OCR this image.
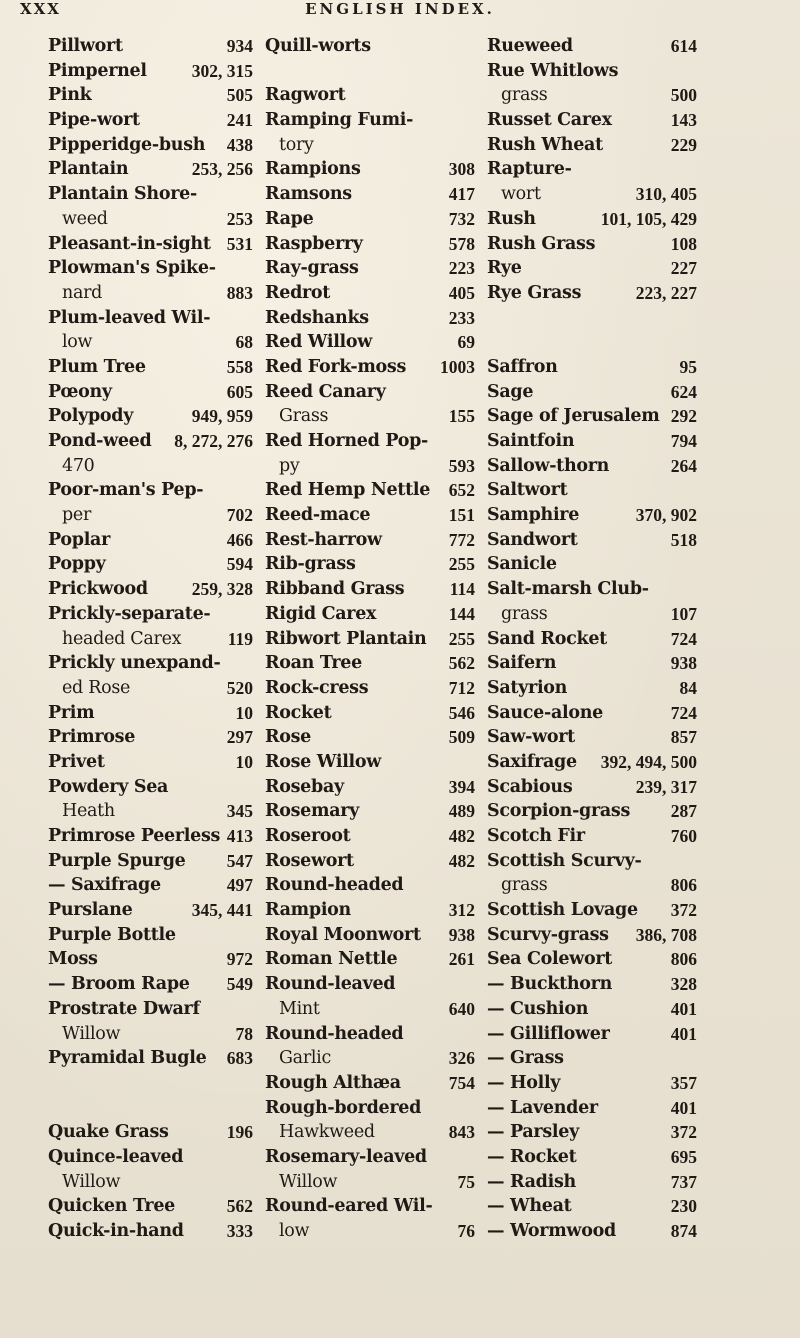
XXX	ENGLISH INDEX.
Pillwort	934
Pimpernel	302, 315
Pink	505
Pipe-wort	241
Pipperidge-bush 438
Plantain	253, 256
Plantain Shore-
weed	253
Pleasant-in-sight 531
Plowman's Spike-
nard	883
Plum-leaved Wil-
low	68
Plum Tree	558
Pœony	605
Polypody	949, 959
Pond-weed 8, 272, 276
470
Poor-man's Pep-
per	702
Poplar	466
Poppy	594
Prickwood	259, 328
Prickly-separate-
headed Carex	119
Prickly unexpand-
ed Rose	520
Prim	10
Primrose	297
Privet	10
Powdery Sea
Heath	345
Primrose Peerless 413
Purple Spurge 547
— Saxifrage	497
Purslane	345, 441
Purple Bottle
Moss	972
— Broom Rape 549
Prostrate Dwarf
Willow	78
Pyramidal Bugle 683
Quake Grass	196
Quince-leaved
Willow
Quicken Tree	562
Quick-in-hand 333
Quill-worts
Ragwort
Ramping Fumi-
tory
Rampions	308
Ramsons	417
Rape	732
Raspberry	578
Ray-grass	223
Redrot	405
Redshanks	233
Red Willow	69
Red Fork-moss 1003
Reed Canary
Grass	155
Red Horned Pop-
py	593
Red Hemp Nettle 652
Reed-mace	151
Rest-harrow	772
Rib-grass	255
Ribband Grass	114
Rigid Carex	144
Ribwort Plantain 255
Roan Tree	562
Rock-cress	712
Rocket	546
Rose	509
Rose Willow
Rosebay	394
Rosemary	489
Roseroot	482
Rosewort	482
Round-headed
Rampion	312
Royal Moonwort 938
Roman Nettle	261
Round-leaved
Mint	640
Round-headed
Garlic	326
Rough Althæa	754
Rough-bordered
Hawkweed	843
Rosemary-leaved
Willow	75
Round-eared Wil-
low	76
Rueweed	614
Rue Whitlows
grass	500
Russet Carex	143
Rush Wheat	229
Rapture-
wort	310, 405
Rush	101, 105, 429
Rush Grass	108
Rye	227
Rye Grass	223, 227
Saffron	95
Sage	624
Sage of Jerusalem 292
Saintfoin	794
Sallow-thorn	264
Saltwort
Samphire	370, 902
Sandwort	518
Sanicle
Salt-marsh Club-
grass	107
Sand Rocket	724
Saifern	938
Satyrion	84
Sauce-alone	724
Saw-wort	857
Saxifrage 392, 494, 500
Scabious	239, 317
Scorpion-grass 287
Scotch Fir	760
Scottish Scurvy-
grass	806
Scottish Lovage 372
Scurvy-grass 386, 708
Sea Colewort	806
— Buckthorn	328
— Cushion	401
— Gilliflower	401
— Grass
— Holly	357
— Lavender	401
— Parsley	372
— Rocket	695
— Radish	737
— Wheat	230
— Wormwood	874
